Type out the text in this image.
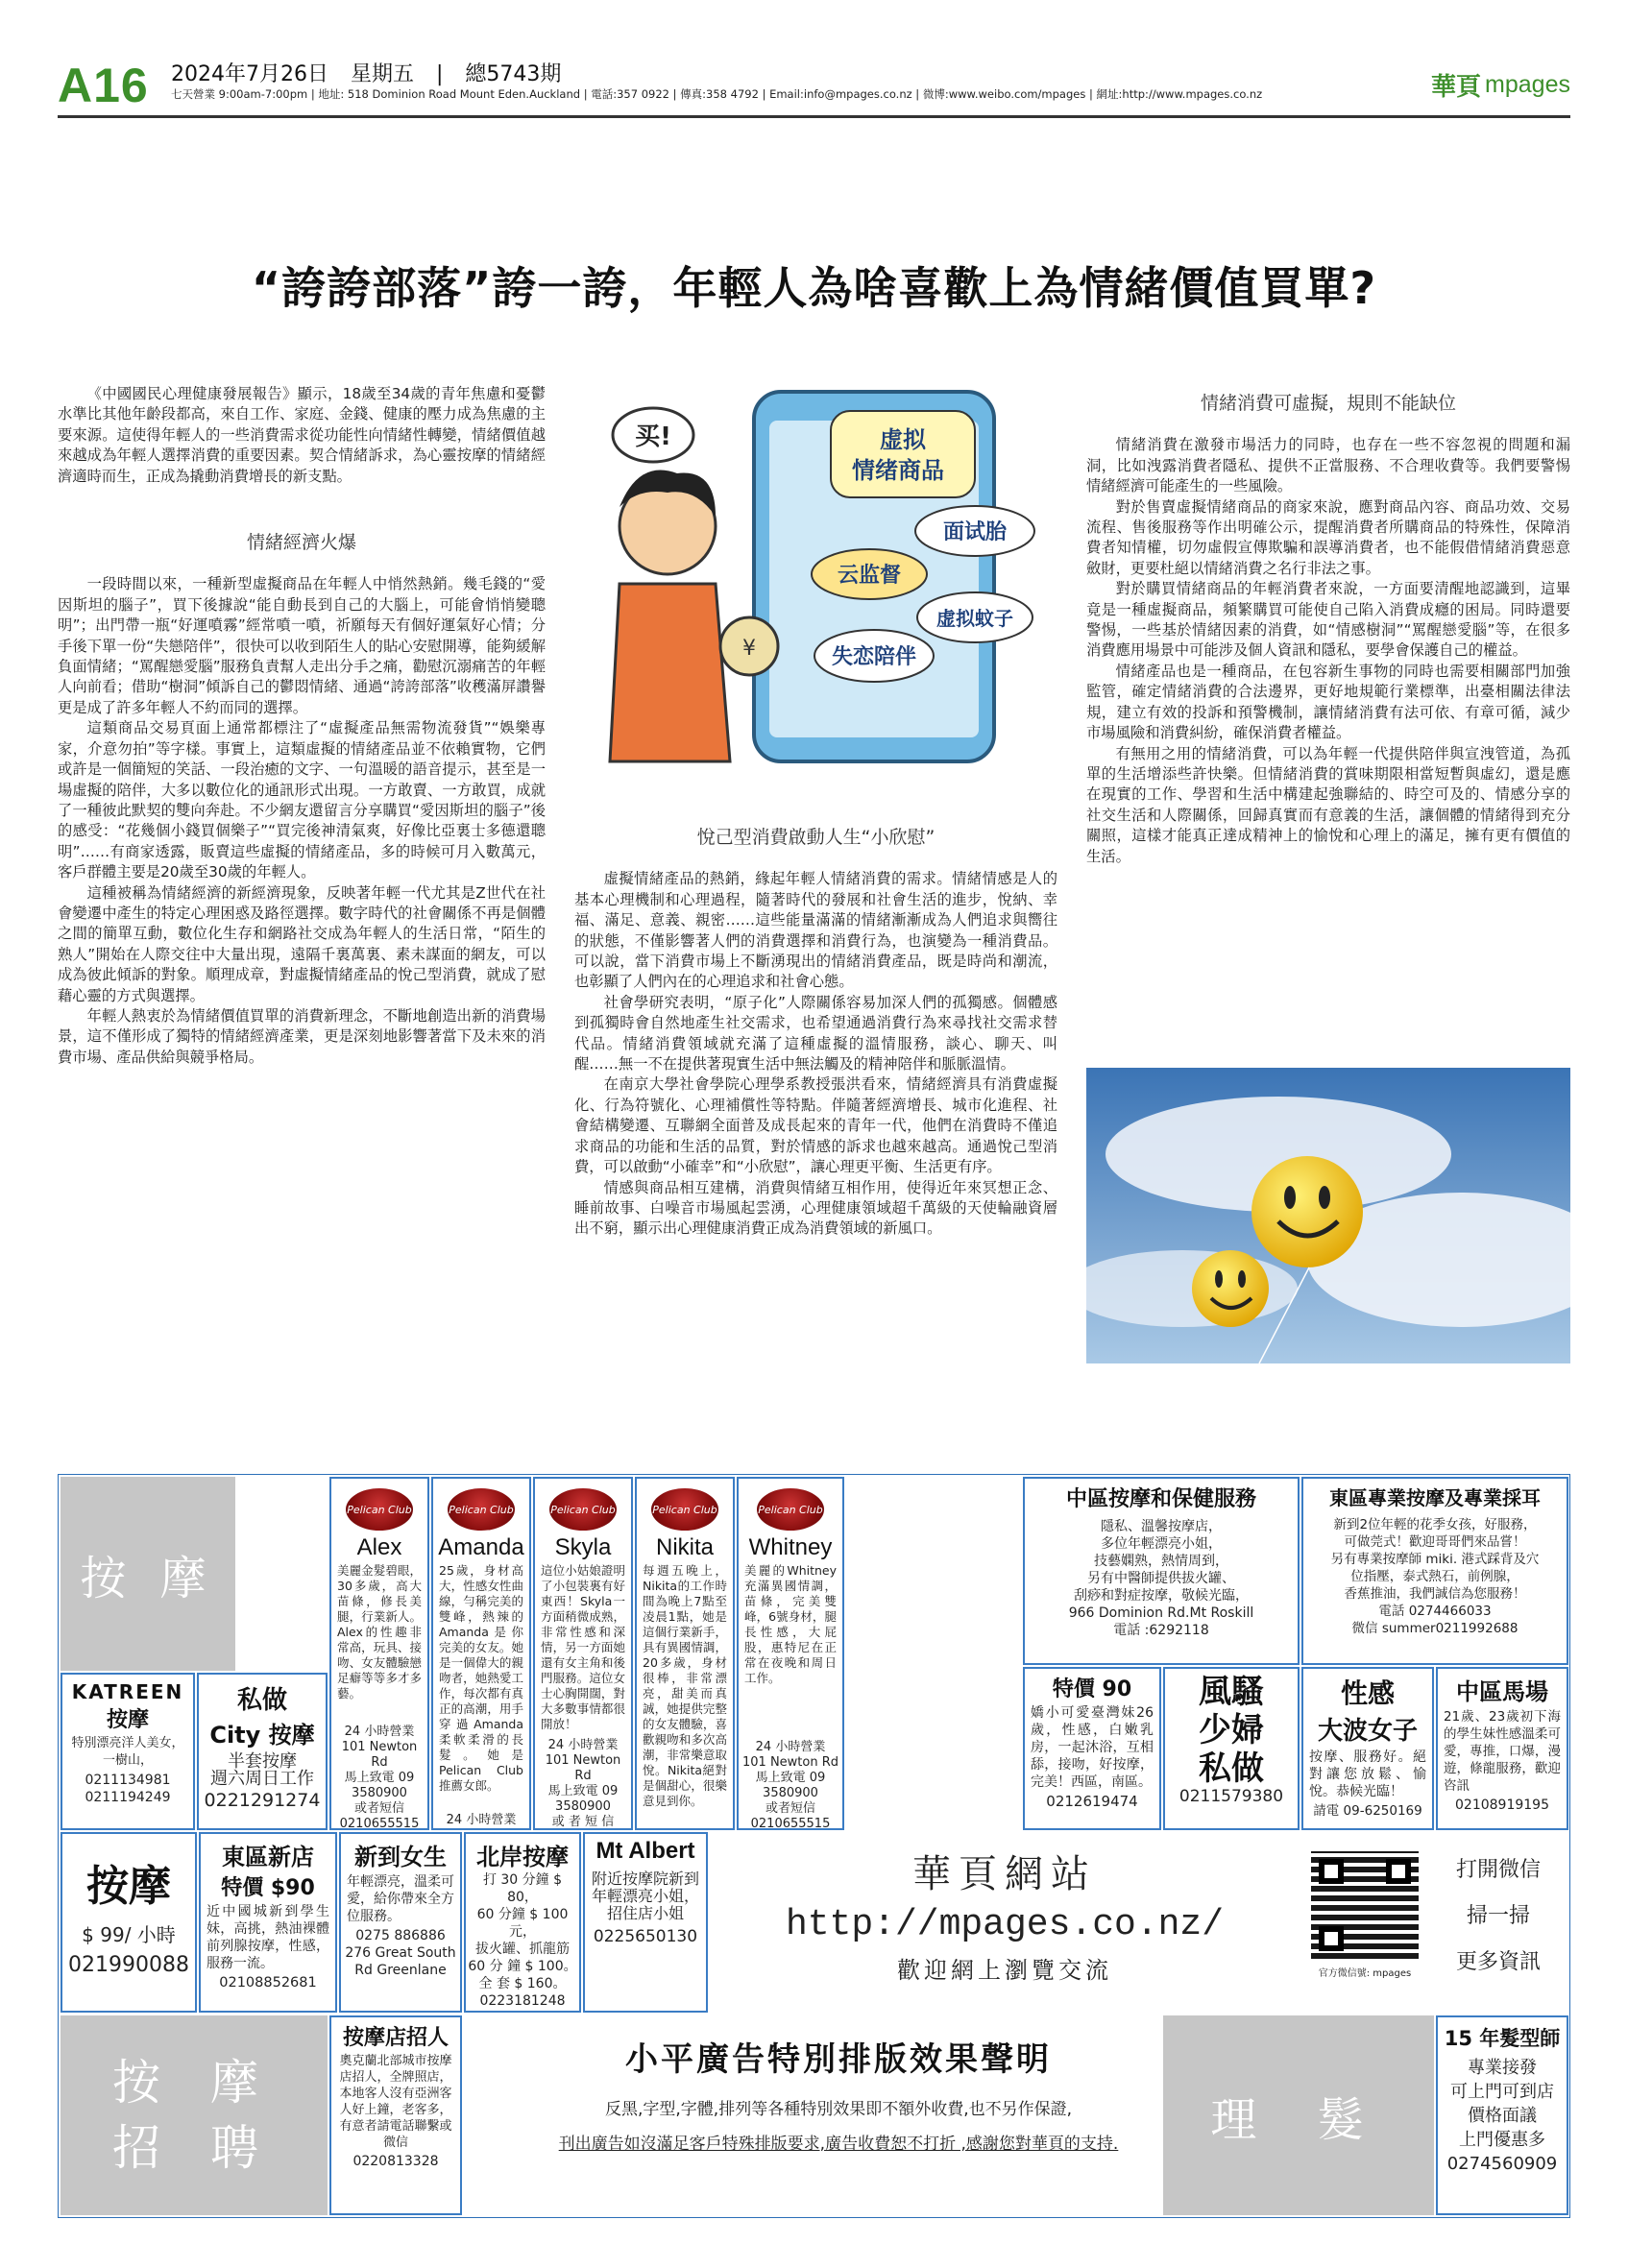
A16 2024年7月26日 星期五 | 總5743期
七天營業 9:00am-7:00pm | 地址: 518 Dominion Road Mount Eden.Auckland | 電話:357 0922 | 傳真:358 4792 | Email:info@mpages.co.nz | 微博:www.weibo.com/mpages | 網址:http://www.mpages.co.nz	華頁 mpages
“誇誇部落”誇一誇，年輕人為啥喜歡上為情緒價值買單?

《中國國民心理健康發展報告》顯示，18歲至34歲的青年焦慮和憂鬱水準比其他年齡段都高，來自工作、家庭、金錢、健康的壓力成為焦慮的主要來源。這使得年輕人的一些消費需求從功能性向情緒性轉變，情緒價值越來越成為年輕人選擇消費的重要因素。契合情緒訴求，為心靈按摩的情緒經濟適時而生，正成為撬動消費增長的新支點。

情緒經濟火爆

一段時間以來，一種新型虛擬商品在年輕人中悄然熱銷。幾毛錢的“愛因斯坦的腦子”，買下後據說“能自動長到自己的大腦上，可能會悄悄變聰明”；出門帶一瓶“好運噴霧”經常噴一噴，祈願每天有個好運氣好心情；分手後下單一份“失戀陪伴”，很快可以收到陌生人的貼心安慰開導，能夠緩解負面情緒；“罵醒戀愛腦”服務負責幫人走出分手之痛，勸慰沉溺痛苦的年輕人向前看；借助“樹洞”傾訴自己的鬱悶情緒、通過“誇誇部落”收穫滿屏讚譽更是成了許多年輕人不約而同的選擇。

這類商品交易頁面上通常都標注了“虛擬產品無需物流發貨”“娛樂專家，介意勿拍”等字樣。事實上，這類虛擬的情緒產品並不依賴實物，它們或許是一個簡短的笑話、一段治癒的文字、一句溫暖的語音提示，甚至是一場虛擬的陪伴，大多以數位化的通訊形式出現。一方敢賣、一方敢買，成就了一種彼此默契的雙向奔赴。不少網友還留言分享購買“愛因斯坦的腦子”後的感受：“花幾個小錢買個樂子”“買完後神清氣爽，好像比亞裏士多德還聰明”……有商家透露，販賣這些虛擬的情緒產品，多的時候可月入數萬元，客戶群體主要是20歲至30歲的年輕人。

這種被稱為情緒經濟的新經濟現象，反映著年輕一代尤其是Z世代在社會變遷中產生的特定心理困惑及路徑選擇。數字時代的社會關係不再是個體之間的簡單互動，數位化生存和網路社交成為年輕人的生活日常，“陌生的熟人”開始在人際交往中大量出現，遠隔千裏萬裏、素未謀面的網友，可以成為彼此傾訴的對象。順理成章，對虛擬情緒產品的悅己型消費，就成了慰藉心靈的方式與選擇。

年輕人熱衷於為情緒價值買單的消費新理念，不斷地創造出新的消費場景，這不僅形成了獨特的情緒經濟產業，更是深刻地影響著當下及未來的消費市場、產品供給與競爭格局。

¥
买!	虚拟
情绪商品
面试胎
云监督
虚拟蚊子
失恋陪伴
悅己型消費啟動人生“小欣慰”

虛擬情緒產品的熱銷，緣起年輕人情緒消費的需求。情緒情感是人的基本心理機制和心理過程，隨著時代的發展和社會生活的進步，悅納、幸福、滿足、意義、親密……這些能量滿滿的情緒漸漸成為人們追求與嚮往的狀態，不僅影響著人們的消費選擇和消費行為，也演變為一種消費品。可以說，當下消費市場上不斷湧現出的情緒消費產品，既是時尚和潮流，也彰顯了人們內在的心理追求和社會心態。

社會學研究表明，“原子化”人際關係容易加深人們的孤獨感。個體感到孤獨時會自然地產生社交需求，也希望通過消費行為來尋找社交需求替代品。情緒消費領域就充滿了這種虛擬的溫情服務，談心、聊天、叫醒……無一不在提供著現實生活中無法觸及的精神陪伴和脈脈溫情。

在南京大學社會學院心理學系教授張洪看來，情緒經濟具有消費虛擬化、行為符號化、心理補償性等特點。伴隨著經濟增長、城市化進程、社會結構變遷、互聯網全面普及成長起來的青年一代，他們在消費時不僅追求商品的功能和生活的品質，對於情感的訴求也越來越高。通過悅己型消費，可以啟動“小確幸”和“小欣慰”，讓心理更平衡、生活更有序。

情感與商品相互建構，消費與情緒互相作用，使得近年來冥想正念、睡前故事、白噪音市場風起雲湧，心理健康領域超千萬級的天使輪融資層出不窮，顯示出心理健康消費正成為消費領域的新風口。

情緒消費可虛擬，規則不能缺位

情緒消費在激發市場活力的同時，也存在一些不容忽視的問題和漏洞，比如洩露消費者隱私、提供不正當服務、不合理收費等。我們要警惕情緒經濟可能產生的一些風險。

對於售賣虛擬情緒商品的商家來說，應對商品內容、商品功效、交易流程、售後服務等作出明確公示，提醒消費者所購商品的特殊性，保障消費者知情權，切勿虛假宣傳欺騙和誤導消費者，也不能假借情緒消費惡意斂財，更要杜絕以情緒消費之名行非法之事。

對於購買情緒商品的年輕消費者來說，一方面要清醒地認識到，這畢竟是一種虛擬商品，頻繁購買可能使自己陷入消費成癮的困局。同時還要警惕，一些基於情緒因素的消費，如“情感樹洞”“罵醒戀愛腦”等，在很多消費應用場景中可能涉及個人資訊和隱私，要學會保護自己的權益。

情緒產品也是一種商品，在包容新生事物的同時也需要相關部門加強監管，確定情緒消費的合法邊界，更好地規範行業標準，出臺相關法律法規，建立有效的投訴和預警機制，讓情緒消費有法可依、有章可循，減少市場風險和消費糾紛，確保消費者權益。

有無用之用的情緒消費，可以為年輕一代提供陪伴與宣洩管道，為孤單的生活增添些許快樂。但情緒消費的賞味期限相當短暫與虛幻，還是應在現實的工作、學習和生活中構建起強聯結的、時空可及的、情感分享的社交生活和人際關係，回歸真實而有意義的生活，讓個體的情緒得到充分關照，這樣才能真正達成精神上的愉悅和心理上的滿足，擁有更有價值的生活。

按 摩
Pelican Club
Alex
美麗金髮碧眼，30多歲，高大苗條，修長美腿，行業新人。Alex的性趣非常高，玩具、接吻、女友體驗戀足癖等等多才多藝。
24 小時營業
101 Newton Rd
馬上致電 09 3580900
或者短信
0210655515
Pelican Club
Amanda
25歲，身材高大，性感女性曲線，勻稱完美的雙峰，熱辣的Amanda是你完美的女友。她是一個偉大的親吻者，她熱愛工作，每次都有真正的高潮，用手穿過Amanda柔軟柔滑的長髮。她是Pelican Club推薦女郎。
24 小時營業
Pelican Club
Skyla
這位小姑娘證明了小包裝裏有好東西！Skyla一方面稍微成熟，非常性感和深情，另一方面她還有女主角和後門服務。這位女士心胸開闊，對大多數事情都很開放！
24 小時營業
101 Newton Rd
馬上致電 09 3580900
或 者 短 信
Pelican Club
Nikita
每週五晚上，Nikita的工作時間為晚上7點至凌晨1點，她是這個行業新手，具有異國情調，20多歲，身材很棒，非常漂亮，甜美而真誠，她提供完整的女友體驗，喜歡親吻和多次高潮，非常樂意取悅。Nikita絕對是個甜心，很樂意見到你。
Pelican Club
Whitney
美麗的Whitney充滿異國情調，苗條，完美雙峰，6號身材，腿長性感，大屁股，惠特尼在正常在夜晚和周日工作。
24 小時營業
101 Newton Rd
馬上致電 09 3580900
或者短信
0210655515
中區按摩和保健服務
隱私、溫馨按摩店，
多位年輕漂亮小姐，
技藝嫻熟，熱情周到，
另有中醫師提供拔火罐、
刮痧和對症按摩，敬候光臨，
966 Dominion Rd.Mt Roskill
電話 :6292118
東區專業按摩及專業採耳
新到2位年輕的花季女孩，好服務，
可做莞式！歡迎哥哥們來品嘗！
另有專業按摩師 miki. 港式踩背及穴
位指壓，泰式熱石，前例腺，
香蕉推油，我們誠信為您服務！
電話 0274466033
微信 summer0211992688
KATREEN
按摩
特別漂亮洋人美女，一樹山，
0211134981
0211194249
私做
City 按摩
半套按摩
週六周日工作
0221291274
特價 90
嬌小可愛臺灣妹26歲，性感，白嫩乳房，一起沐浴，互相舔，接吻，好按摩，完美！西區，南區。
0212619474
風騷
少婦
私做
0211579380
性感
大波女子
按摩、服務好。絕對讓您放鬆、愉悅。恭候光臨！
請電 09-6250169
中區馬場
21歲、23歲初下海的學生妹性感溫柔可愛，專推，口爆，漫遊，條龍服務，歡迎咨訊
02108919195
按摩
$ 99/ 小時
021990088
東區新店
特價 $90
近中國城新到學生妹，高挑，熱油裸體前列腺按摩，性感，服務一流。
02108852681
新到女生
年輕漂亮，溫柔可愛，給你帶來全方位服務。
0275 886886
276 Great South
Rd Greenlane
北岸按摩
打 30 分鐘 $ 80，
60 分鐘 $ 100 元，
拔火罐、抓龍筋
60 分 鐘 $ 100。
全 套 $ 160。
0223181248
Mt Albert
附近按摩院新到
年輕漂亮小姐，
招住店小姐
0225650130
華頁網站
http://mpages.co.nz/
歡迎網上瀏覽交流	官方微信號: mpages
打開微信
掃一掃
更多資訊
按 摩
招 聘
按摩店招人
奧克蘭北部城市按摩店招人，全牌照店，本地客人沒有亞洲客人好上鐘，老客多，有意者請電話聯繫或微信
0220813328
小平廣告特別排版效果聲明
反黑,字型,字體,排列等各種特別效果即不額外收費,也不另作保證,
刊出廣告如沒滿足客戶特殊排版要求,廣告收費恕不打折 ,感謝您對華頁的支持.	理 髮
15 年髮型師
專業接發
可上門可到店
價格面議
上門優惠多
0274560909
